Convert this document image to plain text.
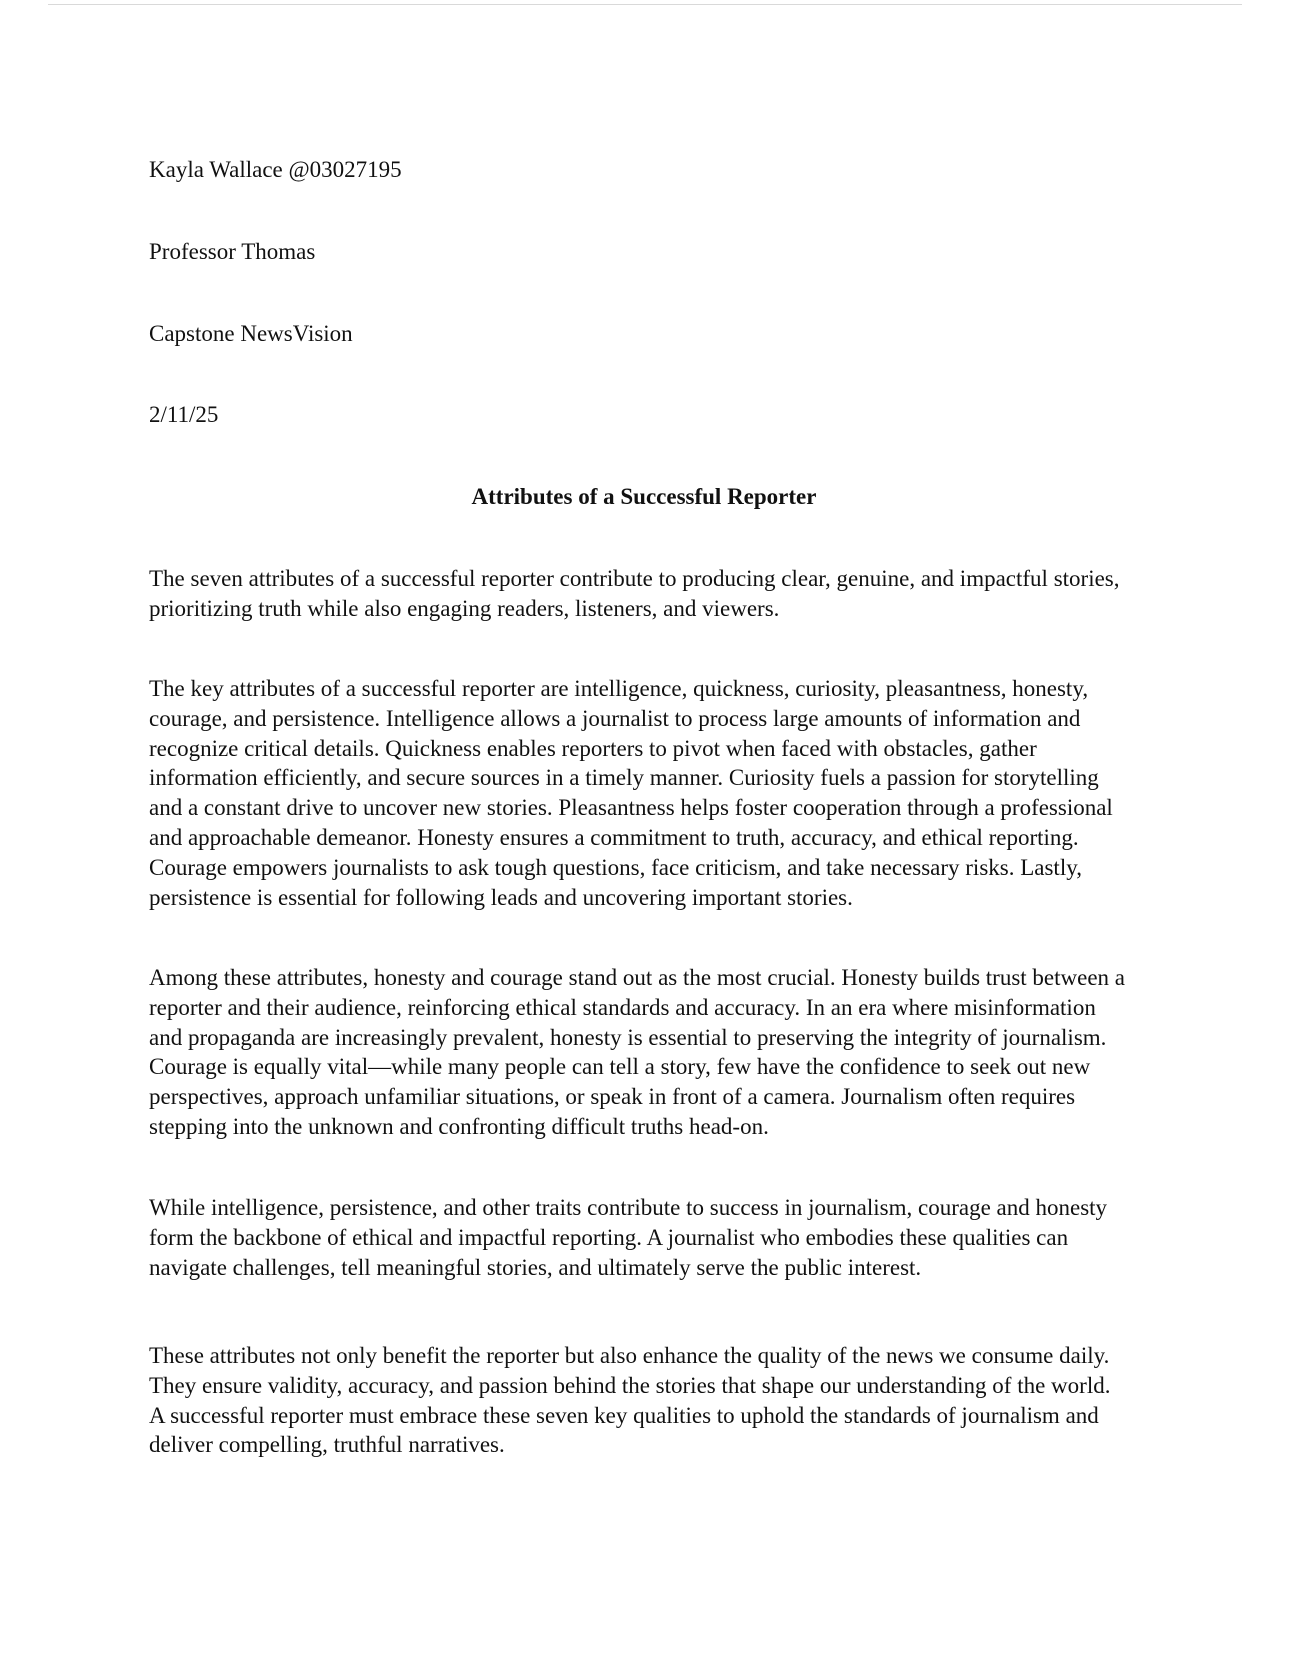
Kayla Wallace @03027195
Professor Thomas
Capstone NewsVision
2/11/25
Attributes of a Successful Reporter

The seven attributes of a successful reporter contribute to producing clear, genuine, and impactful stories,
prioritizing truth while also engaging readers, listeners, and viewers.

The key attributes of a successful reporter are intelligence, quickness, curiosity, pleasantness, honesty,
courage, and persistence. Intelligence allows a journalist to process large amounts of information and
recognize critical details. Quickness enables reporters to pivot when faced with obstacles, gather
information efficiently, and secure sources in a timely manner. Curiosity fuels a passion for storytelling
and a constant drive to uncover new stories. Pleasantness helps foster cooperation through a professional
and approachable demeanor. Honesty ensures a commitment to truth, accuracy, and ethical reporting.
Courage empowers journalists to ask tough questions, face criticism, and take necessary risks. Lastly,
persistence is essential for following leads and uncovering important stories.

Among these attributes, honesty and courage stand out as the most crucial. Honesty builds trust between a
reporter and their audience, reinforcing ethical standards and accuracy. In an era where misinformation
and propaganda are increasingly prevalent, honesty is essential to preserving the integrity of journalism.
Courage is equally vital—while many people can tell a story, few have the confidence to seek out new
perspectives, approach unfamiliar situations, or speak in front of a camera. Journalism often requires
stepping into the unknown and confronting difficult truths head-on.

While intelligence, persistence, and other traits contribute to success in journalism, courage and honesty
form the backbone of ethical and impactful reporting. A journalist who embodies these qualities can
navigate challenges, tell meaningful stories, and ultimately serve the public interest.

These attributes not only benefit the reporter but also enhance the quality of the news we consume daily.
They ensure validity, accuracy, and passion behind the stories that shape our understanding of the world.
A successful reporter must embrace these seven key qualities to uphold the standards of journalism and
deliver compelling, truthful narratives.
